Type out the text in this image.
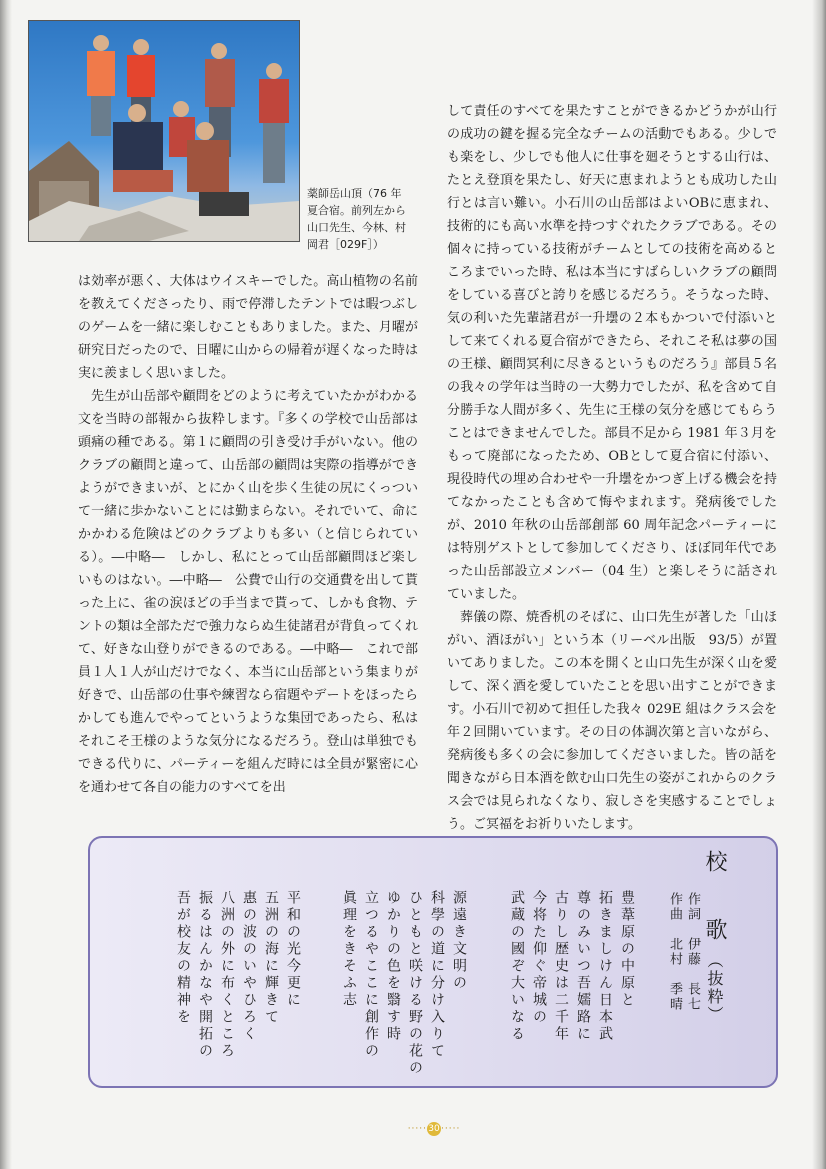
薬師岳山頂（76 年
夏合宿。前列左から
山口先生、今林、村
岡君［029F］）

は効率が悪く、大体はウイスキーでした。高山植物の名前を教えてくださったり、雨で停滞したテントでは暇つぶしのゲームを一緒に楽しむこともありました。また、月曜が研究日だったので、日曜に山からの帰着が遅くなった時は実に羨ましく思いました。

先生が山岳部や顧問をどのように考えていたかがわかる文を当時の部報から抜粋します。『多くの学校で山岳部は頭痛の種である。第１に顧問の引き受け手がいない。他のクラブの顧問と違って、山岳部の顧問は実際の指導ができようができまいが、とにかく山を歩く生徒の尻にくっついて一緒に歩かないことには勤まらない。それでいて、命にかかわる危険はどのクラブよりも多い（と信じられている）。―中略―　しかし、私にとって山岳部顧問ほど楽しいものはない。―中略―　公費で山行の交通費を出して貰った上に、雀の涙ほどの手当まで貰って、しかも食物、テントの類は全部ただで強力ならぬ生徒諸君が背負ってくれて、好きな山登りができるのである。―中略―　これで部員１人１人が山だけでなく、本当に山岳部という集まりが好きで、山岳部の仕事や練習なら宿題やデートをほったらかしても進んでやってというような集団であったら、私はそれこそ王様のような気分になるだろう。登山は単独でもできる代りに、パーティーを組んだ時には全員が緊密に心を通わせて各自の能力のすべてを出

して責任のすべてを果たすことができるかどうかが山行の成功の鍵を握る完全なチームの活動でもある。少しでも楽をし、少しでも他人に仕事を廻そうとする山行は、たとえ登頂を果たし、好天に恵まれようとも成功した山行とは言い難い。小石川の山岳部はよいOBに恵まれ、技術的にも高い水準を持つすぐれたクラブである。その個々に持っている技術がチームとしての技術を高めるところまでいった時、私は本当にすばらしいクラブの顧問をしている喜びと誇りを感じるだろう。そうなった時、気の利いた先輩諸君が一升壜の２本もかついで付添いとして来てくれる夏合宿ができたら、それこそ私は夢の国の王様、顧問冥利に尽きるというものだろう』部員５名の我々の学年は当時の一大勢力でしたが、私を含めて自分勝手な人間が多く、先生に王様の気分を感じてもらうことはできませんでした。部員不足から 1981 年３月をもって廃部になったため、OBとして夏合宿に付添い、現役時代の埋め合わせや一升壜をかつぎ上げる機会を持てなかったことも含めて悔やまれます。発病後でしたが、2010 年秋の山岳部創部 60 周年記念パーティーには特別ゲストとして参加してくださり、ほぼ同年代であった山岳部設立メンバー（04 生）と楽しそうに話されていました。

葬儀の際、焼香机のそばに、山口先生が著した「山ほがい、酒ほがい」という本（リーベル出版　93/5）が置いてありました。この本を開くと山口先生が深く山を愛して、深く酒を愛していたことを思い出すことができます。小石川で初めて担任した我々 029E 組はクラス会を年２回開いています。その日の体調次第と言いながら、発病後も多くの会に参加してくださいました。皆の話を聞きながら日本酒を飲む山口先生の姿がこれからのクラス会では見られなくなり、寂しさを実感することでしょう。ご冥福をお祈りいたします。

校　歌（抜粋）
作詞　伊藤　長七
作曲　北村　季晴
豊葦原の中原と
拓きましけん日本武
尊のみいつ吾嬬路に
古りし歴史は二千年
今将た仰ぐ帝城の
武蔵の國ぞ大いなる
源遠き文明の
科學の道に分け入りて
ひともと咲ける野の花の
ゆかりの色を翳す時
立つるやここに創作の
眞理をきそふ志
平和の光今更に
五洲の海に輝きて
惠の波のいやひろく
八洲の外に布くところ
振るはんかなや開拓の
吾が校友の精神を
·····30·····
